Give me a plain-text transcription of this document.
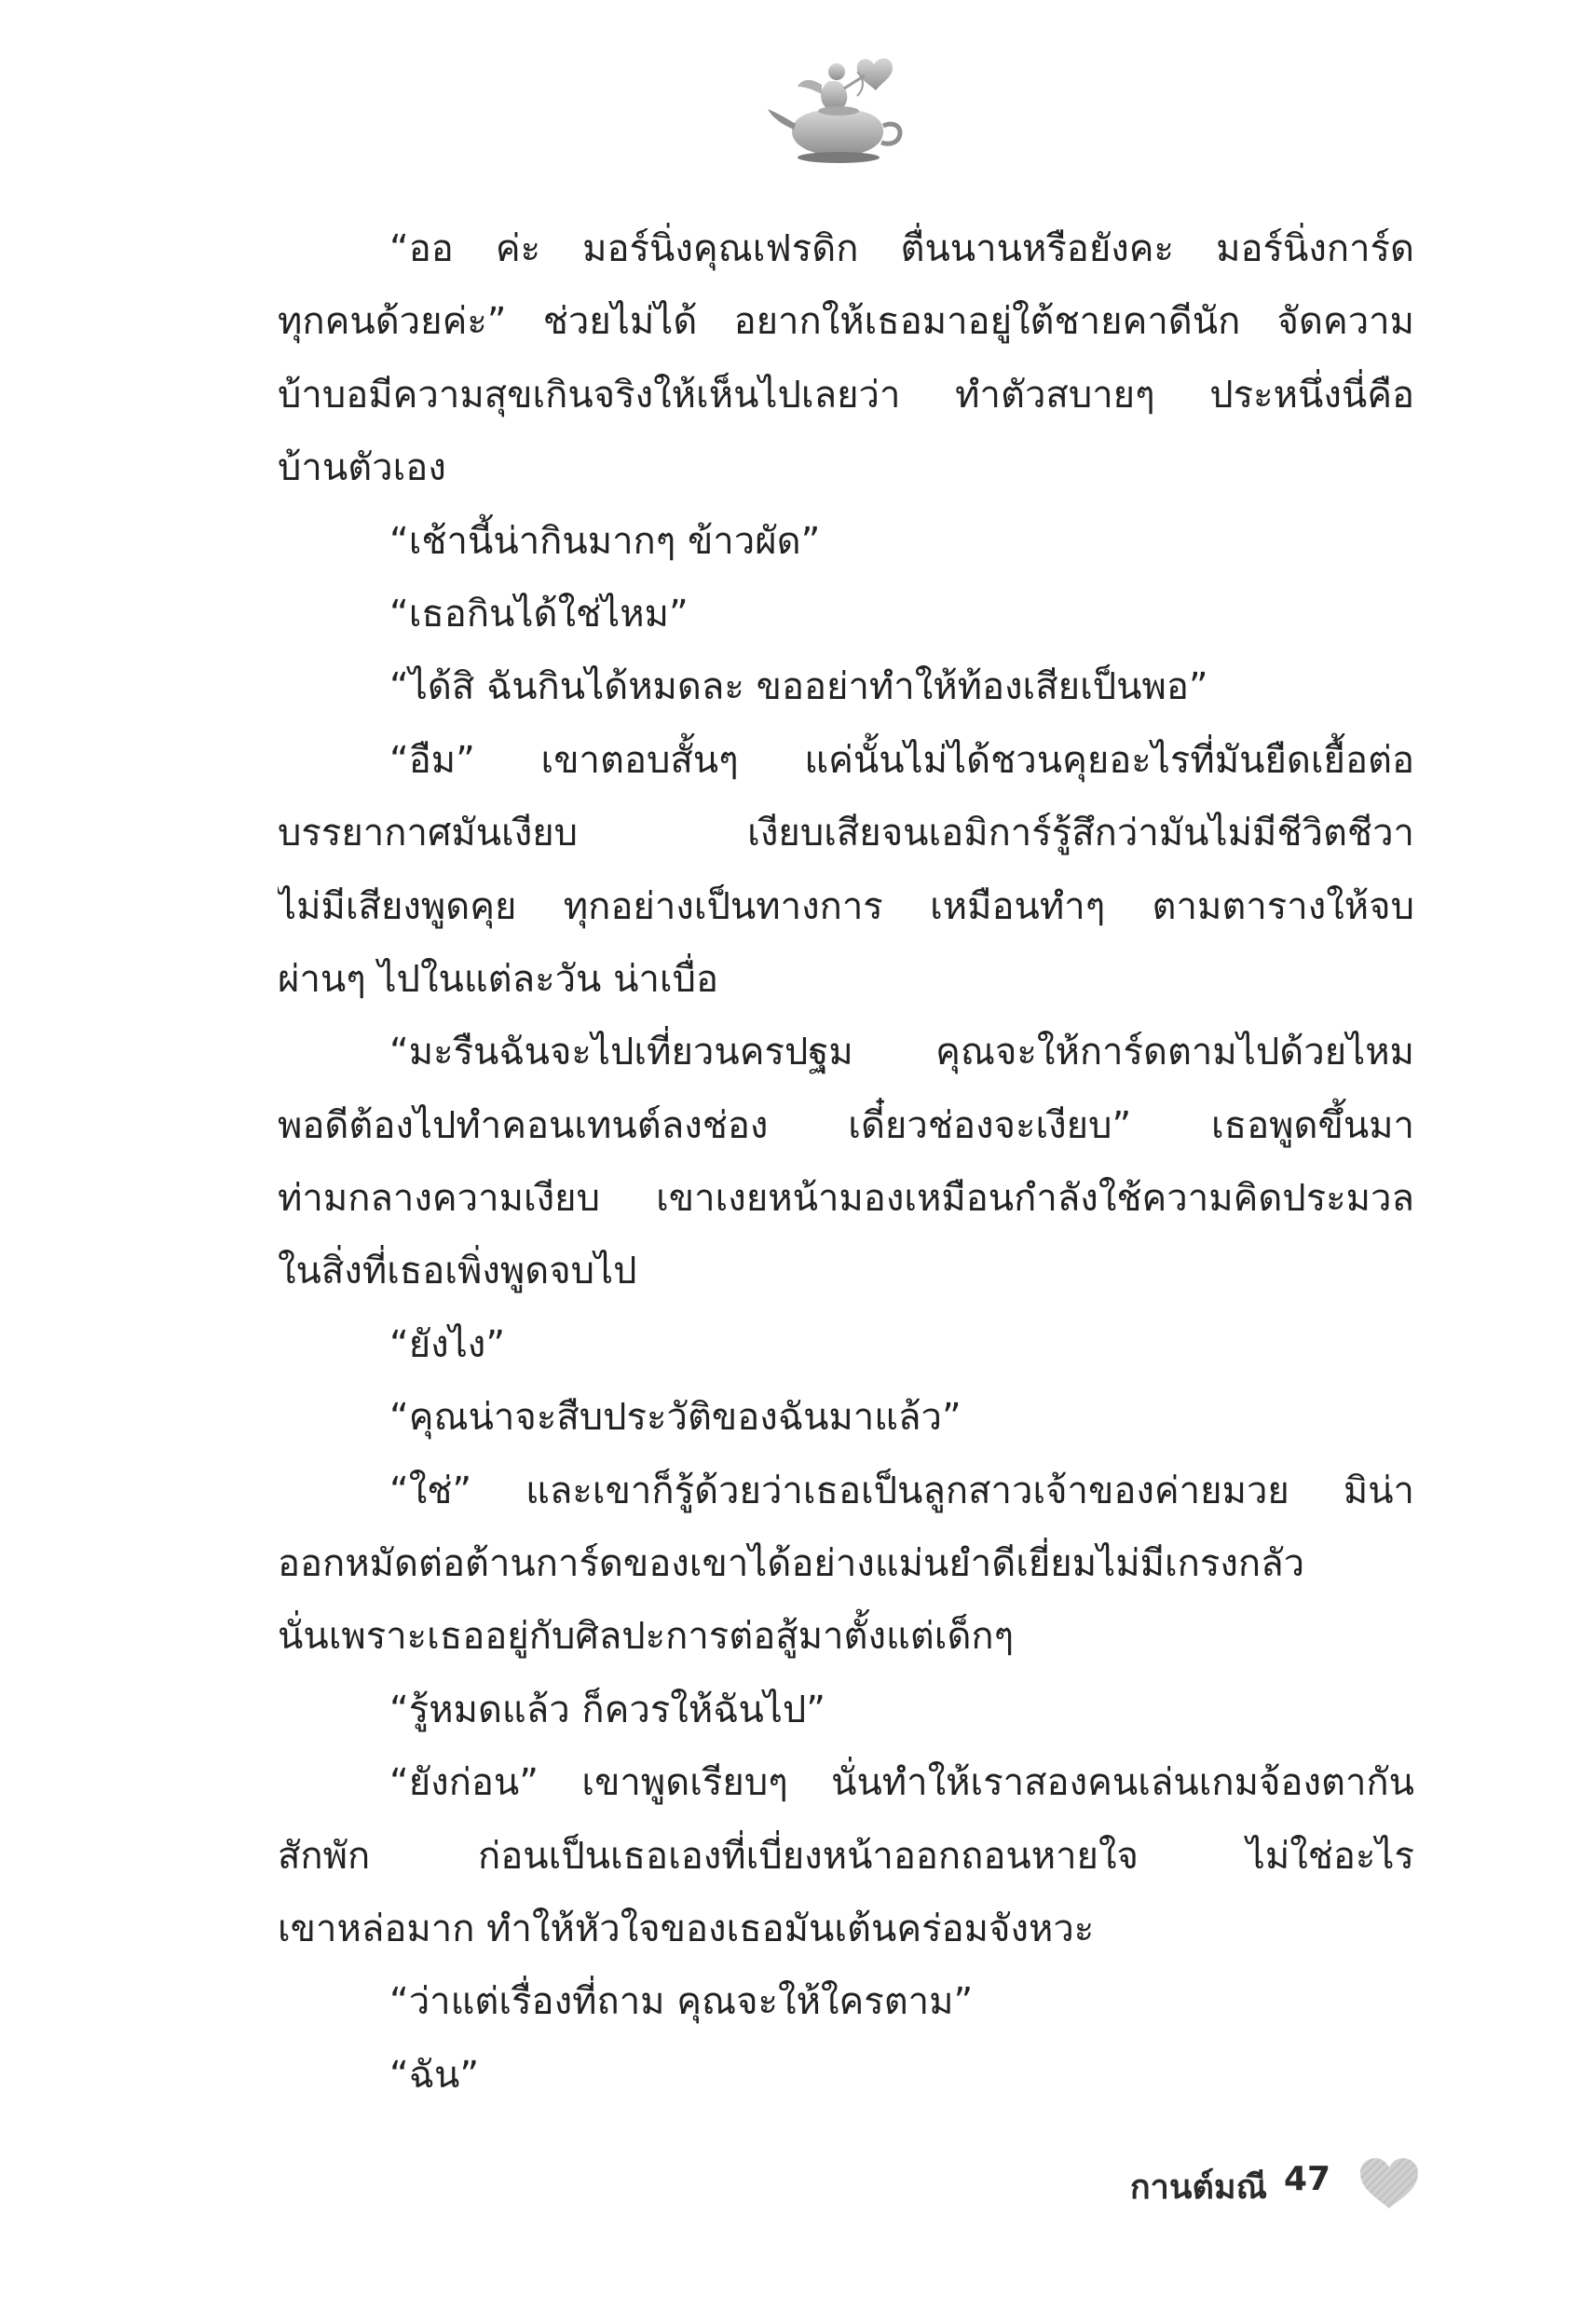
“ออ ค่ะ มอร์นิ่งคุณเฟรดิก ตื่นนานหรือยังคะ มอร์นิ่งการ์ด
ทุกคนด้วยค่ะ” ช่วยไม่ได้ อยากให้เธอมาอยู่ใต้ชายคาดีนัก จัดความ
บ้าบอมีความสุขเกินจริงให้เห็นไปเลยว่า ทำตัวสบายๆ ประหนึ่งนี่คือ
บ้านตัวเอง
“เช้านี้น่ากินมากๆ ข้าวผัด”
“เธอกินได้ใช่ไหม”
“ได้สิ ฉันกินได้หมดละ ขออย่าทำให้ท้องเสียเป็นพอ”
“อืม” เขาตอบสั้นๆ แค่นั้นไม่ได้ชวนคุยอะไรที่มันยืดเยื้อต่อ
บรรยากาศมันเงียบ เงียบเสียจนเอมิการ์รู้สึกว่ามันไม่มีชีวิตชีวา
ไม่มีเสียงพูดคุย ทุกอย่างเป็นทางการ เหมือนทำๆ ตามตารางให้จบ
ผ่านๆ ไปในแต่ละวัน น่าเบื่อ
“มะรืนฉันจะไปเที่ยวนครปฐม คุณจะให้การ์ดตามไปด้วยไหม
พอดีต้องไปทำคอนเทนต์ลงช่อง เดี๋ยวช่องจะเงียบ” เธอพูดขึ้นมา
ท่ามกลางความเงียบ เขาเงยหน้ามองเหมือนกำลังใช้ความคิดประมวล
ในสิ่งที่เธอเพิ่งพูดจบไป
“ยังไง”
“คุณน่าจะสืบประวัติของฉันมาแล้ว”
“ใช่” และเขาก็รู้ด้วยว่าเธอเป็นลูกสาวเจ้าของค่ายมวย มิน่า
ออกหมัดต่อต้านการ์ดของเขาได้อย่างแม่นยำดีเยี่ยมไม่มีเกรงกลัว
นั่นเพราะเธออยู่กับศิลปะการต่อสู้มาตั้งแต่เด็กๆ
“รู้หมดแล้ว ก็ควรให้ฉันไป”
“ยังก่อน” เขาพูดเรียบๆ นั่นทำให้เราสองคนเล่นเกมจ้องตากัน
สักพัก ก่อนเป็นเธอเองที่เบี่ยงหน้าออกถอนหายใจ ไม่ใช่อะไร
เขาหล่อมาก ทำให้หัวใจของเธอมันเต้นคร่อมจังหวะ
“ว่าแต่เรื่องที่ถาม คุณจะให้ใครตาม”
“ฉัน”
กานต์มณี 47
